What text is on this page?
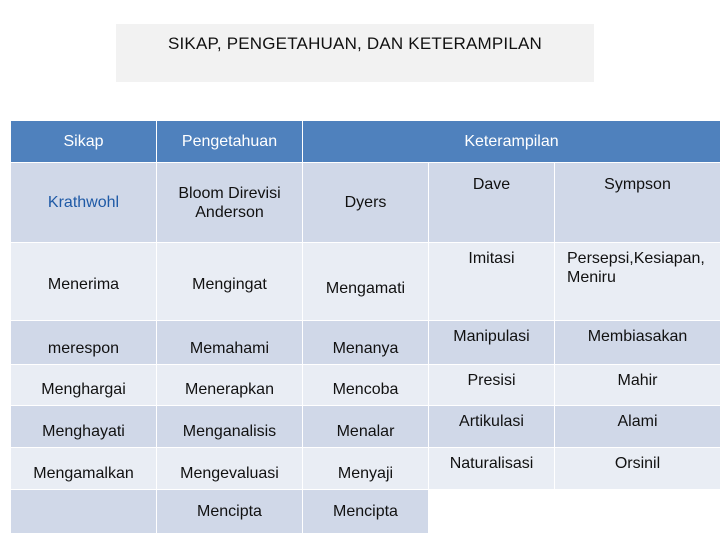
SIKAP, PENGETAHUAN, DAN KETERAMPILAN
Sikap	Pengetahuan	Keterampilan		
Krathwohl	Bloom Direvisi Anderson	Dyers	Dave	Sympson
Menerima	Mengingat	Mengamati	Imitasi	Persepsi,Kesiapan, Meniru
merespon	Memahami	Menanya	Manipulasi	Membiasakan
Menghargai	Menerapkan	Mencoba	Presisi	Mahir
Menghayati	Menganalisis	Menalar	Artikulasi	Alami
Mengamalkan	Mengevaluasi	Menyaji	Naturalisasi	Orsinil
	Mencipta	Mencipta		
